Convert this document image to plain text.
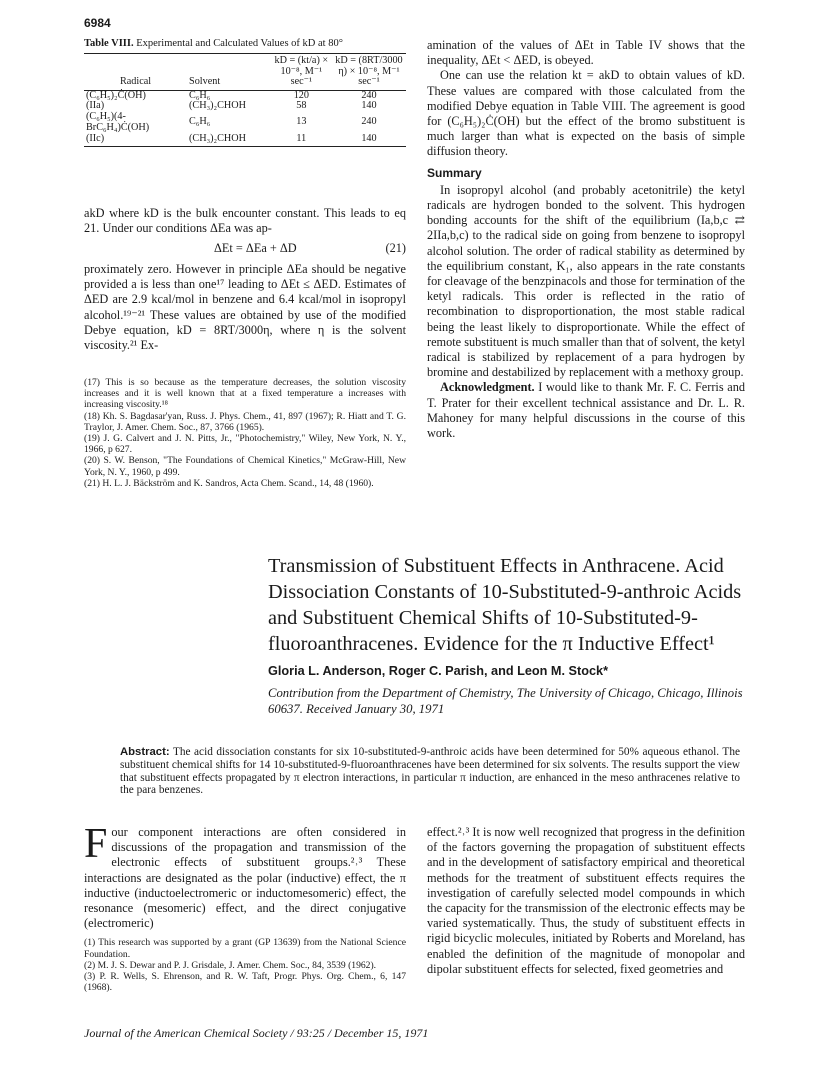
6984
Table VIII. Experimental and Calculated Values of kD at 80°
Radical	Solvent	kD = (kt/a) × 10⁻⁸, M⁻¹ sec⁻¹	kD = (8RT/3000 η) × 10⁻⁸, M⁻¹ sec⁻¹
(C₆H₅)₂Ċ(OH)	C₆H₆	120	240
(IIa)	(CH₃)₂CHOH	58	140
(C₆H₅)(4-BrC₆H₄)Ċ(OH)	C₆H₆	13	240
(IIc)	(CH₃)₂CHOH	11	140

akD where kD is the bulk encounter constant. This leads to eq 21. Under our conditions ΔEa was ap-

ΔEt = ΔEa + ΔD	(21)

proximately zero. However in principle ΔEa should be negative provided a is less than one¹⁷ leading to ΔEt ≤ ΔED. Estimates of ΔED are 2.9 kcal/mol in benzene and 6.4 kcal/mol in isopropyl alcohol.¹⁹⁻²¹ These values are obtained by use of the modified Debye equation, kD = 8RT/3000η, where η is the solvent viscosity.²¹ Ex-

(17) This is so because as the temperature decreases, the solution viscosity increases and it is well known that at a fixed temperature a increases with increasing viscosity.¹⁸

(18) Kh. S. Bagdasar'yan, Russ. J. Phys. Chem., 41, 897 (1967); R. Hiatt and T. G. Traylor, J. Amer. Chem. Soc., 87, 3766 (1965).

(19) J. G. Calvert and J. N. Pitts, Jr., "Photochemistry," Wiley, New York, N. Y., 1966, p 627.

(20) S. W. Benson, "The Foundations of Chemical Kinetics," McGraw-Hill, New York, N. Y., 1960, p 499.

(21) H. L. J. Bäckström and K. Sandros, Acta Chem. Scand., 14, 48 (1960).

amination of the values of ΔEt in Table IV shows that the inequality, ΔEt < ΔED, is obeyed.

One can use the relation kt = akD to obtain values of kD. These values are compared with those calculated from the modified Debye equation in Table VIII. The agreement is good for (C₆H₅)₂Ċ(OH) but the effect of the bromo substituent is much larger than what is expected on the basis of simple diffusion theory.

Summary

In isopropyl alcohol (and probably acetonitrile) the ketyl radicals are hydrogen bonded to the solvent. This hydrogen bonding accounts for the shift of the equilibrium (Ia,b,c ⇄ 2IIa,b,c) to the radical side on going from benzene to isopropyl alcohol solution. The order of radical stability as determined by the equilibrium constant, K₁, also appears in the rate constants for cleavage of the benzpinacols and those for termination of the ketyl radicals. This order is reflected in the ratio of recombination to disproportionation, the most stable radical being the least likely to disproportionate. While the effect of remote substituent is much smaller than that of solvent, the ketyl radical is stabilized by replacement of a para hydrogen by bromine and destabilized by replacement with a methoxy group.

Acknowledgment. I would like to thank Mr. F. C. Ferris and T. Prater for their excellent technical assistance and Dr. L. R. Mahoney for many helpful discussions in the course of this work.

Transmission of Substituent Effects in Anthracene. Acid Dissociation Constants of 10-Substituted-9-anthroic Acids and Substituent Chemical Shifts of 10-Substituted-9-fluoroanthracenes. Evidence for the π Inductive Effect¹
Gloria L. Anderson, Roger C. Parish, and Leon M. Stock*
Contribution from the Department of Chemistry, The University of Chicago, Chicago, Illinois 60637. Received January 30, 1971
Abstract: The acid dissociation constants for six 10-substituted-9-anthroic acids have been determined for 50% aqueous ethanol. The substituent chemical shifts for 14 10-substituted-9-fluoroanthracenes have been determined for six solvents. The results support the view that substituent effects propagated by π electron interactions, in particular π induction, are enhanced in the meso anthracenes relative to the para benzenes.

F our component interactions are often considered in discussions of the propagation and transmission of the electronic effects of substituent groups.²˒³ These interactions are designated as the polar (inductive) effect, the π inductive (inductoelectromeric or inductomesomeric) effect, the resonance (mesomeric) effect, and the direct conjugative (electromeric)

(1) This research was supported by a grant (GP 13639) from the National Science Foundation.

(2) M. J. S. Dewar and P. J. Grisdale, J. Amer. Chem. Soc., 84, 3539 (1962).

(3) P. R. Wells, S. Ehrenson, and R. W. Taft, Progr. Phys. Org. Chem., 6, 147 (1968).

effect.²˒³ It is now well recognized that progress in the definition of the factors governing the propagation of substituent effects and in the development of satisfactory empirical and theoretical methods for the treatment of substituent effects requires the investigation of carefully selected model compounds in which the capacity for the transmission of the electronic effects may be varied systematically. Thus, the study of substituent effects in rigid bicyclic molecules, initiated by Roberts and Moreland, has enabled the definition of the magnitude of monopolar and dipolar substituent effects for selected, fixed geometries and
Journal of the American Chemical Society / 93:25 / December 15, 1971
